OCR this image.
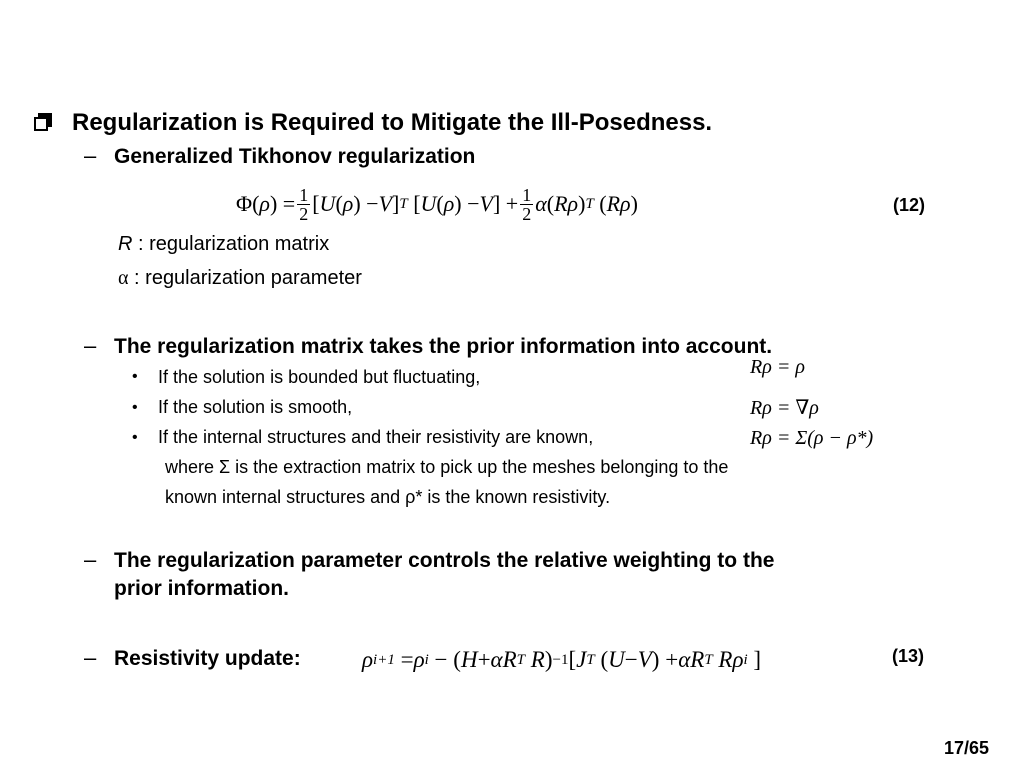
Regularization is Required to Mitigate the Ill-Posedness.
– Generalized Tikhonov regularization
Φ( ρ ) = $\frac{1}{2}$ [ U ( ρ ) − V ] T [ U ( ρ ) − V ] + $\frac{1}{2}$ α ( Rρ ) T ( Rρ )	(12)
R : regularization matrix
α : regularization parameter
– The regularization matrix takes the prior information into account.
• If the solution is bounded but fluctuating,	Rρ = ρ
• If the solution is smooth,	Rρ = ∇ρ
• If the internal structures and their resistivity are known,	Rρ = Σ(ρ − ρ*)
where Σ is the extraction matrix to pick up the meshes belonging to the
known internal structures and ρ* is the known resistivity.
– The regularization parameter controls the relative weighting to the
prior information.
– Resistivity update:	ρ i+1 = ρ i − ( H + αR T R ) −1 [ J T ( U − V ) + αR T Rρ i ]	(13)
17/65
